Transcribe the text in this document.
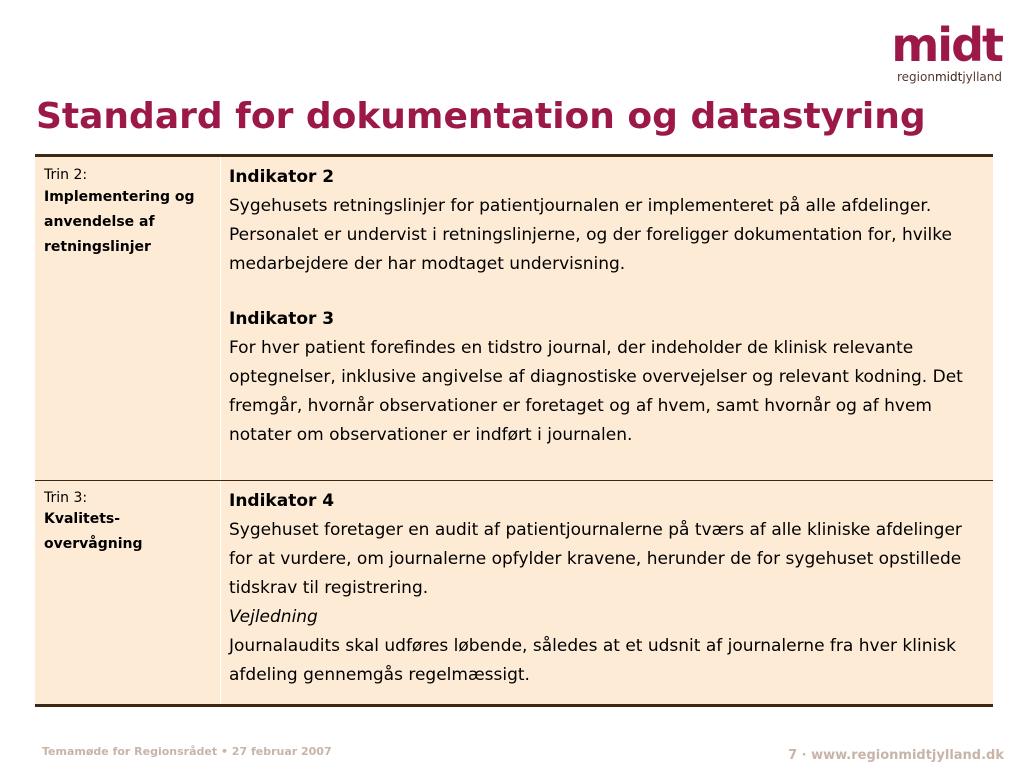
midt
regionmidtjylland
Standard for dokumentation og datastyring
Trin 2:
Implementering og anvendelse af retningslinjer
Indikator 2
Sygehusets retningslinjer for patientjournalen er implementeret på alle afdelinger. Personalet er undervist i retningslinjerne, og der foreligger dokumentation for, hvilke medarbejdere der har modtaget undervisning.
Indikator 3
For hver patient forefindes en tidstro journal, der indeholder de klinisk relevante optegnelser, inklusive angivelse af diagnostiske overvejelser og relevant kodning. Det fremgår, hvornår observationer er foretaget og af hvem, samt hvornår og af hvem notater om observationer er indført i journalen.
Trin 3:
Kvalitets-overvågning
Indikator 4
Sygehuset foretager en audit af patientjournalerne på tværs af alle kliniske afdelinger for at vurdere, om journalerne opfylder kravene, herunder de for sygehuset opstillede tidskrav til registrering.
Vejledning
Journalaudits skal udføres løbende, således at et udsnit af journalerne fra hver klinisk afdeling gennemgås regelmæssigt.
Temamøde for Regionsrådet • 27 februar 2007	7 · www.regionmidtjylland.dk
